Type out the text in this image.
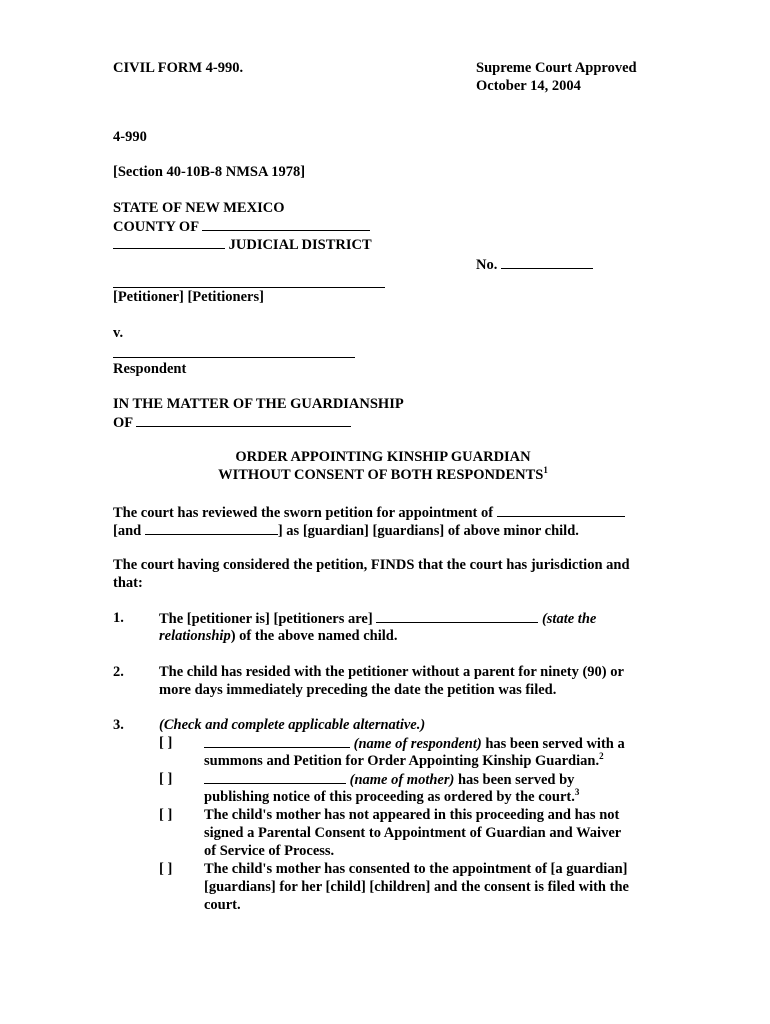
CIVIL FORM 4-990.	Supreme Court Approved
October 14, 2004
4-990
[Section 40-10B-8 NMSA 1978]
STATE OF NEW MEXICO
COUNTY OF
JUDICIAL DISTRICT
No.
[Petitioner] [Petitioners]
v.
Respondent
IN THE MATTER OF THE GUARDIANSHIP
OF
ORDER APPOINTING KINSHIP GUARDIAN
WITHOUT CONSENT OF BOTH RESPONDENTS$^1$
The court has reviewed the sworn petition for appointment of
[and	] as [guardian] [guardians] of above minor child.
The court having considered the petition, FINDS that the court has jurisdiction and
that:
1. The [petitioner is] [petitioners are]	(state the
relationship) of the above named child.
2. The child has resided with the petitioner without a parent for ninety (90) or
more days immediately preceding the date the petition was filed.
3. (Check and complete applicable alternative.)
[ ]	(name of respondent) has been served with a
summons and Petition for Order Appointing Kinship Guardian.$^2$
[ ]	(name of mother) has been served by
publishing notice of this proceeding as ordered by the court.$^3$
[ ] The child's mother has not appeared in this proceeding and has not
signed a Parental Consent to Appointment of Guardian and Waiver
of Service of Process.
[ ] The child's mother has consented to the appointment of [a guardian]
[guardians] for her [child] [children] and the consent is filed with the
court.
